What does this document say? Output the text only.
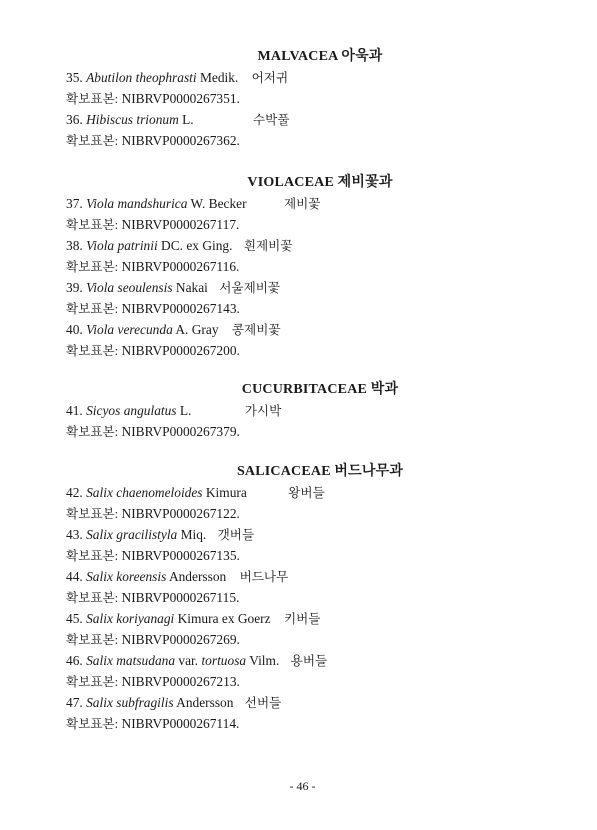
MALVACEA 아욱과
35. Abutilon theophrasti Medik. 어저귀
확보표본: NIBRVP0000267351.
36. Hibiscus trionum L.	수박풀
확보표본: NIBRVP0000267362.
VIOLACEAE 제비꽃과
37. Viola mandshurica W. Becker	제비꽃
확보표본: NIBRVP0000267117.
38. Viola patrinii DC. ex Ging. 흰제비꽃
확보표본: NIBRVP0000267116.
39. Viola seoulensis Nakai 서울제비꽃
확보표본: NIBRVP0000267143.
40. Viola verecunda A. Gray 콩제비꽃
확보표본: NIBRVP0000267200.
CUCURBITACEAE 박과
41. Sicyos angulatus L.	가시박
확보표본: NIBRVP0000267379.
SALICACEAE 버드나무과
42. Salix chaenomeloides Kimura	왕버들
확보표본: NIBRVP0000267122.
43. Salix gracilistyla Miq. 갯버들
확보표본: NIBRVP0000267135.
44. Salix koreensis Andersson 버드나무
확보표본: NIBRVP0000267115.
45. Salix koriyanagi Kimura ex Goerz 키버들
확보표본: NIBRVP0000267269.
46. Salix matsudana var. tortuosa Vilm. 용버들
확보표본: NIBRVP0000267213.
47. Salix subfragilis Andersson 선버들
확보표본: NIBRVP0000267114.
- 46 -
